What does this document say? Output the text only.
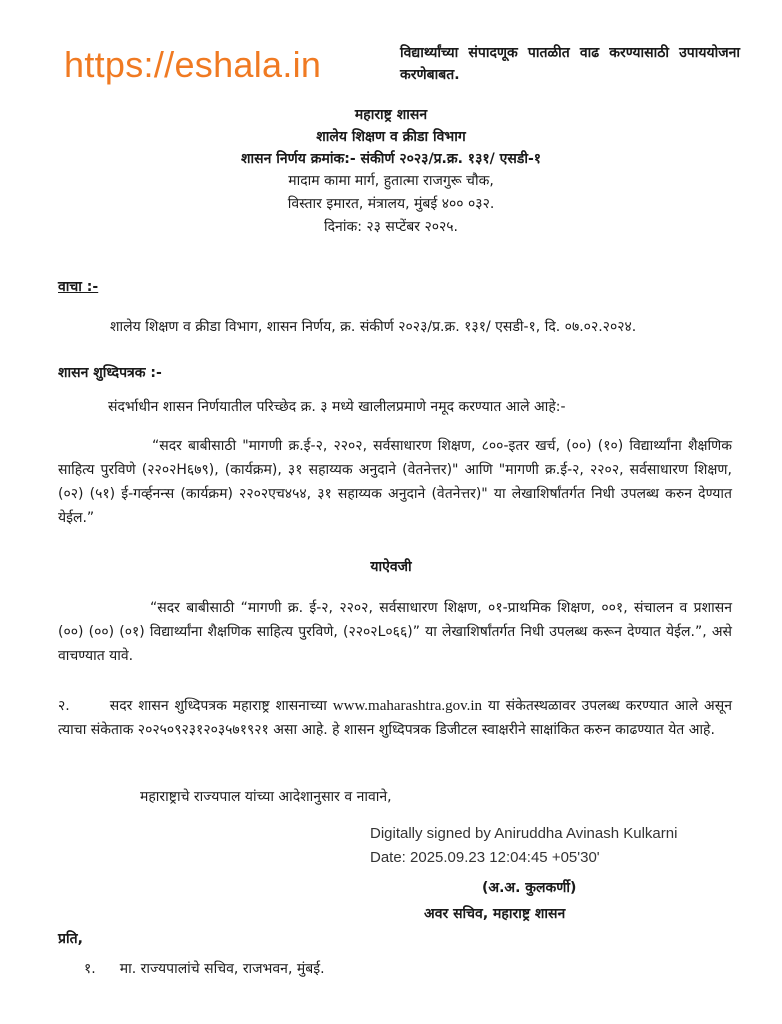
https://eshala.in	विद्यार्थ्यांच्या संपादणूक पातळीत वाढ करण्यासाठी उपाययोजना करणेबाबत.
महाराष्ट्र शासन
शालेय शिक्षण व क्रीडा विभाग
शासन निर्णय क्रमांक:- संकीर्ण २०२३/प्र.क्र. १३१/ एसडी-१
मादाम कामा मार्ग, हुतात्मा राजगुरू चौक,
विस्तार इमारत, मंत्रालय, मुंबई ४०० ०३२.
दिनांक: २३ सप्टेंबर २०२५.
वाचा :-
शालेय शिक्षण व क्रीडा विभाग, शासन निर्णय, क्र. संकीर्ण २०२३/प्र.क्र. १३१/ एसडी-१, दि. ०७.०२.२०२४.
शासन शुध्दिपत्रक :-
संदर्भाधीन शासन निर्णयातील परिच्छेद क्र. ३ मध्ये खालीलप्रमाणे नमूद करण्यात आले आहे:-
“सदर बाबीसाठी "मागणी क्र.ई-२, २२०२, सर्वसाधारण शिक्षण, ८००-इतर खर्च, (००) (१०) विद्यार्थ्यांना शैक्षणिक साहित्य पुरविणे (२२०२H६७९), (कार्यक्रम), ३१ सहाय्यक अनुदाने (वेतनेत्तर)" आणि "मागणी क्र.ई-२, २२०२, सर्वसाधारण शिक्षण, (०२) (५१) ई-गर्व्हनन्स (कार्यक्रम) २२०२एच४५४, ३१ सहाय्यक अनुदाने (वेतनेत्तर)" या लेखाशिर्षांतर्गत निधी उपलब्ध करुन देण्यात येईल.”
याऐवजी
“सदर बाबीसाठी “मागणी क्र. ई-२, २२०२, सर्वसाधारण शिक्षण, ०१-प्राथमिक शिक्षण, ००१, संचालन व प्रशासन (००) (००) (०१) विद्यार्थ्यांना शैक्षणिक साहित्य पुरविणे, (२२०२L०६६)” या लेखाशिर्षांतर्गत निधी उपलब्ध करून देण्यात येईल.”, असे वाचण्यात यावे.
२.	सदर शासन शुध्दिपत्रक महाराष्ट्र शासनाच्या www.maharashtra.gov.in या संकेतस्थळावर उपलब्ध करण्यात आले असून त्याचा संकेताक २०२५०९२३१२०३५७१९२१ असा आहे. हे शासन शुध्दिपत्रक डिजीटल स्वाक्षरीने साक्षांकित करुन काढण्यात येत आहे.
महाराष्ट्राचे राज्यपाल यांच्या आदेशानुसार व नावाने,
Digitally signed by Aniruddha Avinash Kulkarni
Date: 2025.09.23 12:04:45 +05'30'
(अ.अ. कुलकर्णी)
अवर सचिव, महाराष्ट्र शासन
प्रति,
१. मा. राज्यपालांचे सचिव, राजभवन, मुंबई.
